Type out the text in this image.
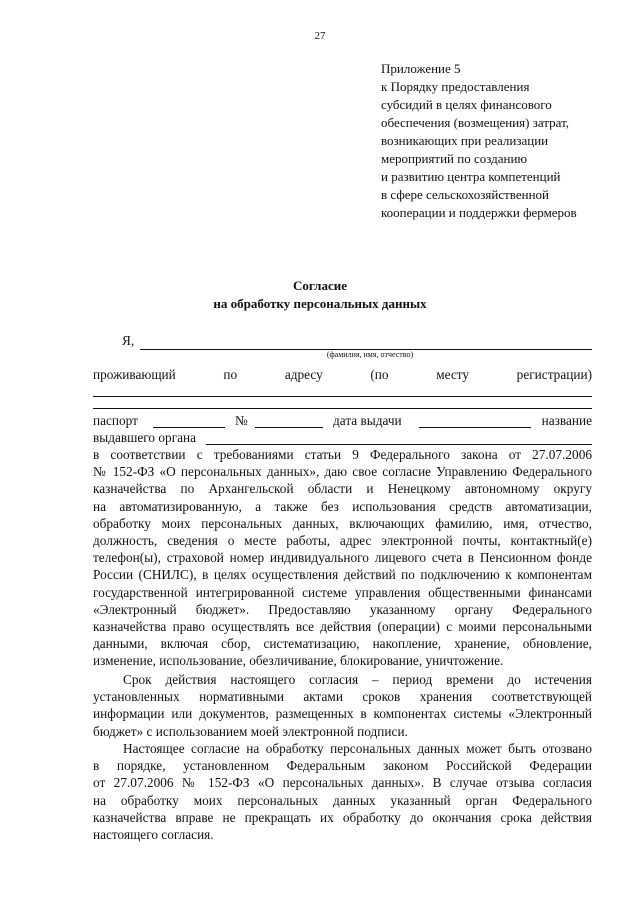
27
Приложение 5
к Порядку предоставления
субсидий в целях финансового
обеспечения (возмещения) затрат,
возникающих при реализации
мероприятий по созданию
и развитию центра компетенций
в сфере сельскохозяйственной
кооперации и поддержки фермеров
Согласие
на обработку персональных данных
Я,
(фамилия, имя, отчество)
проживающий	по	адресу	(по	месту	регистрации)
паспорт	№	дата выдачи	название
выдавшего органа
в соответствии с требованиями статьи 9 Федерального закона от 27.07.2006
№ 152-ФЗ «О персональных данных», даю свое согласие Управлению Федерального
казначейства по Архангельской области и Ненецкому автономному округу
на автоматизированную, а также без использования средств автоматизации,
обработку моих персональных данных, включающих фамилию, имя, отчество,
должность, сведения о месте работы, адрес электронной почты, контактный(е)
телефон(ы), страховой номер индивидуального лицевого счета в Пенсионном фонде
России (СНИЛС), в целях осуществления действий по подключению к компонентам
государственной интегрированной системе управления общественными финансами
«Электронный бюджет». Предоставляю указанному органу Федерального
казначейства право осуществлять все действия (операции) с моими персональными
данными, включая сбор, систематизацию, накопление, хранение, обновление,
изменение, использование, обезличивание, блокирование, уничтожение.
Срок действия настоящего согласия – период времени до истечения
установленных нормативными актами сроков хранения соответствующей
информации или документов, размещенных в компонентах системы «Электронный
бюджет» с использованием моей электронной подписи.
Настоящее согласие на обработку персональных данных может быть отозвано
в порядке, установленном Федеральным законом Российской Федерации
от 27.07.2006 № 152-ФЗ «О персональных данных». В случае отзыва согласия
на обработку моих персональных данных указанный орган Федерального
казначейства вправе не прекращать их обработку до окончания срока действия
настоящего согласия.
